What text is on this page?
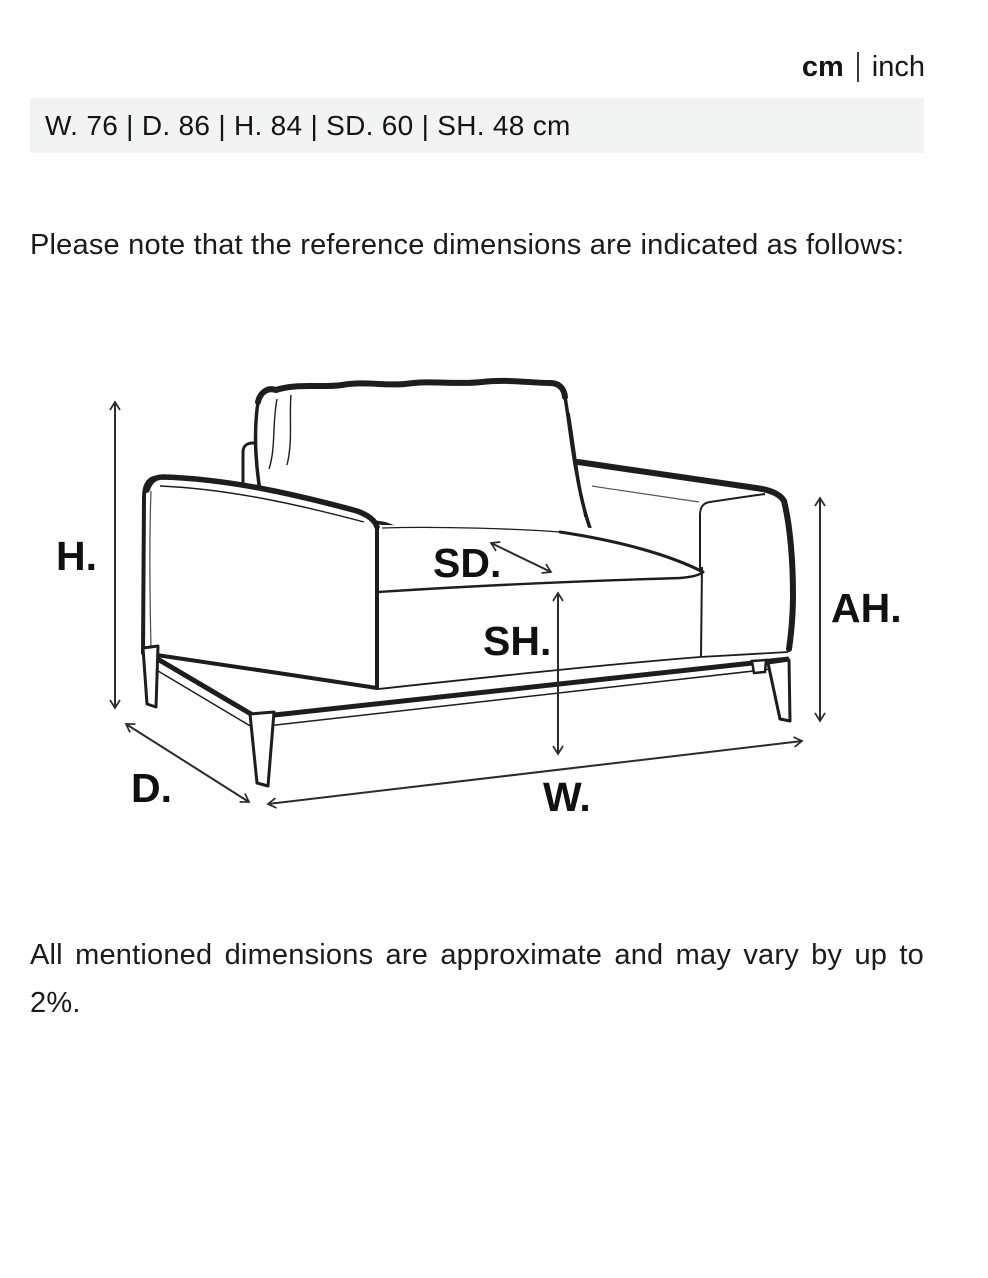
cm inch
W. 76 | D. 86 | H. 84 | SD. 60 | SH. 48 cm

Please note that the reference dimensions are indicated as follows:

H.
D.	W.
AH.
SH.
SD.

All mentioned dimensions are approximate and may vary by up to 2%.
